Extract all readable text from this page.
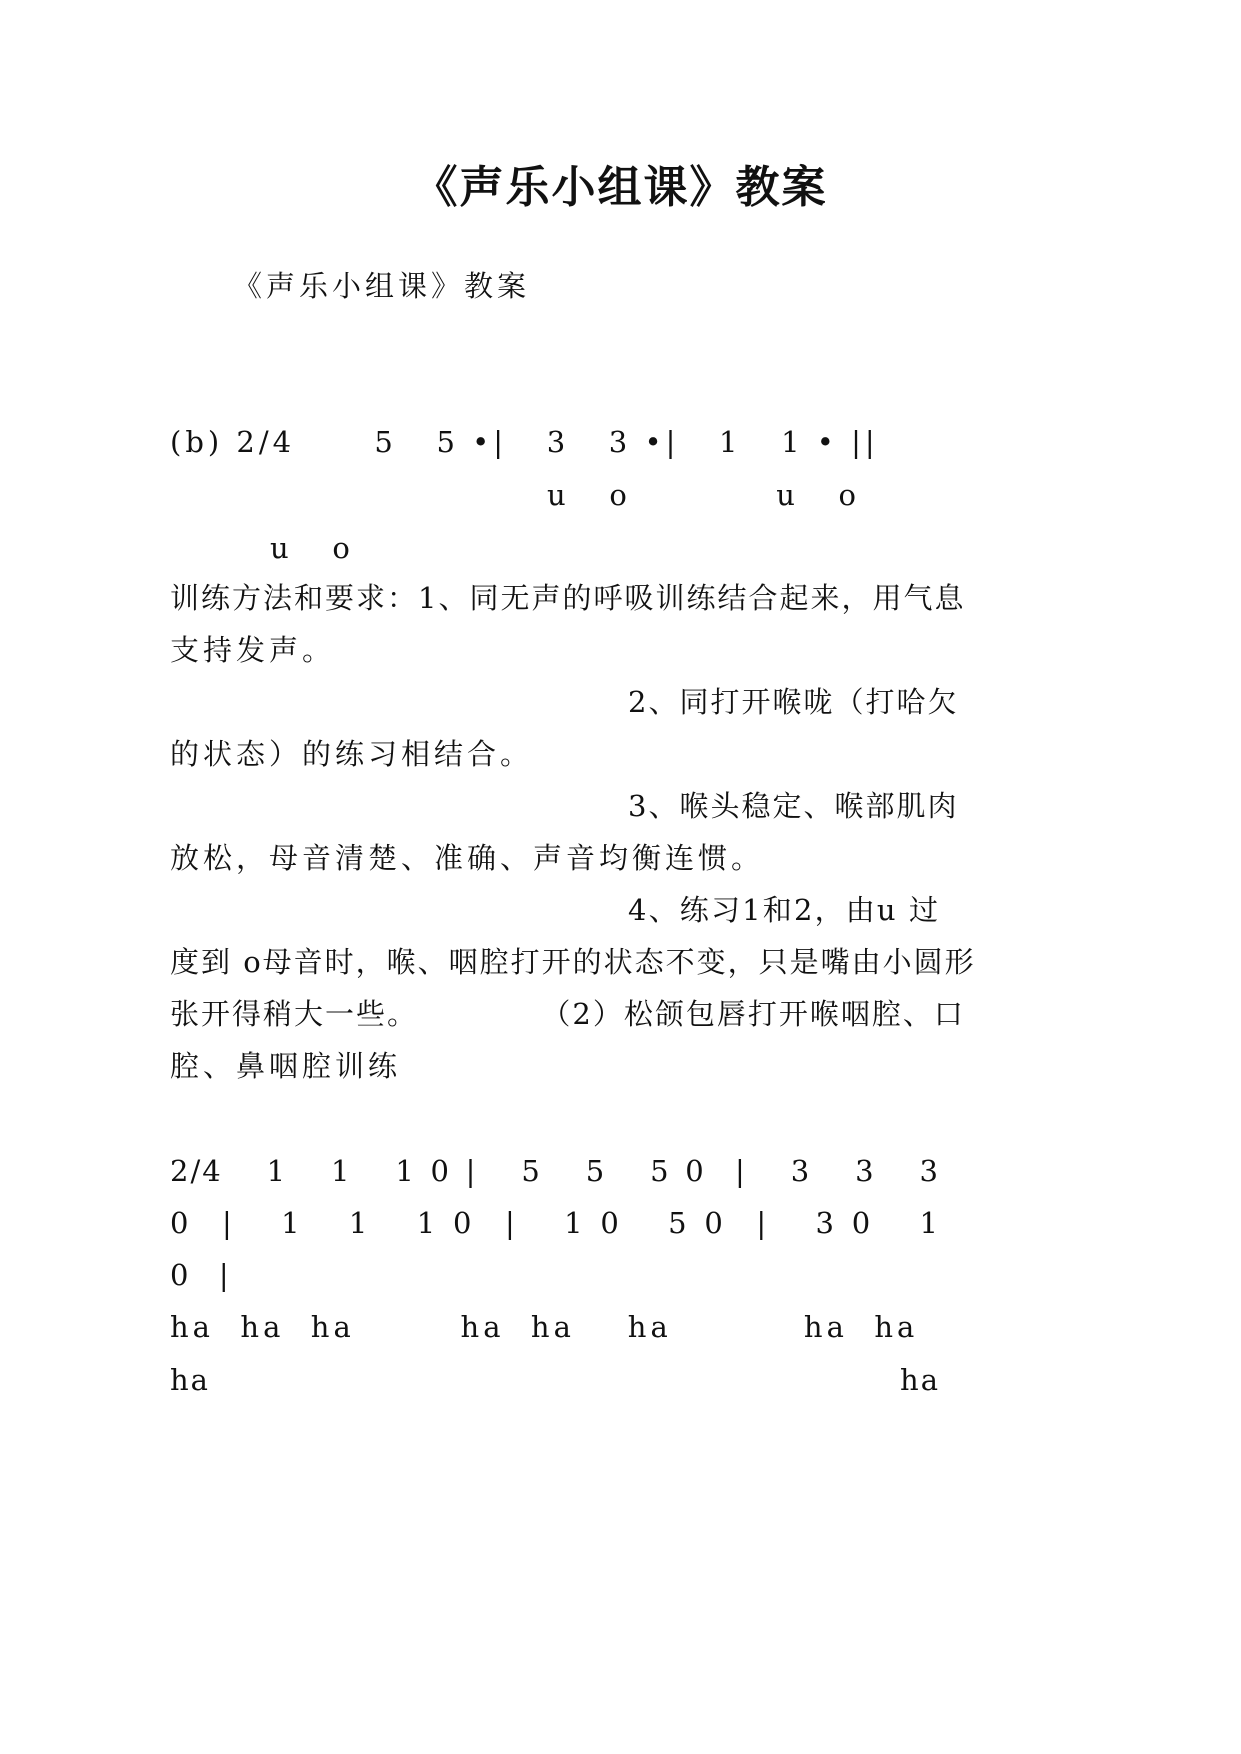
《声乐小组课》教案

《声乐小组课》教案

(b) 2/4      5   5 •|   3   3 •|   1   1 • ||

u   o           u   o

u   o

训练方法和要求：1、同无声的呼吸训练结合起来，用气息

支持发声。

2、同打开喉咙（打哈欠

的状态）的练习相结合。

3、喉头稳定、喉部肌肉

放松，母音清楚、准确、声音均衡连惯。

4、练习1和2，由u 过

度到 o母音时，喉、咽腔打开的状态不变，只是嘴由小圆形

张开得稍大一些。           （2）松颌包唇打开喉咽腔、口

腔、鼻咽腔训练

2/4   1   1   1 0 |   5   5   5 0  |   3   3   3

0  |   1   1   1 0  |   1 0   5 0  |   3 0   1

0  |

ha  ha  ha        ha  ha    ha          ha  ha

ha                                             ha
